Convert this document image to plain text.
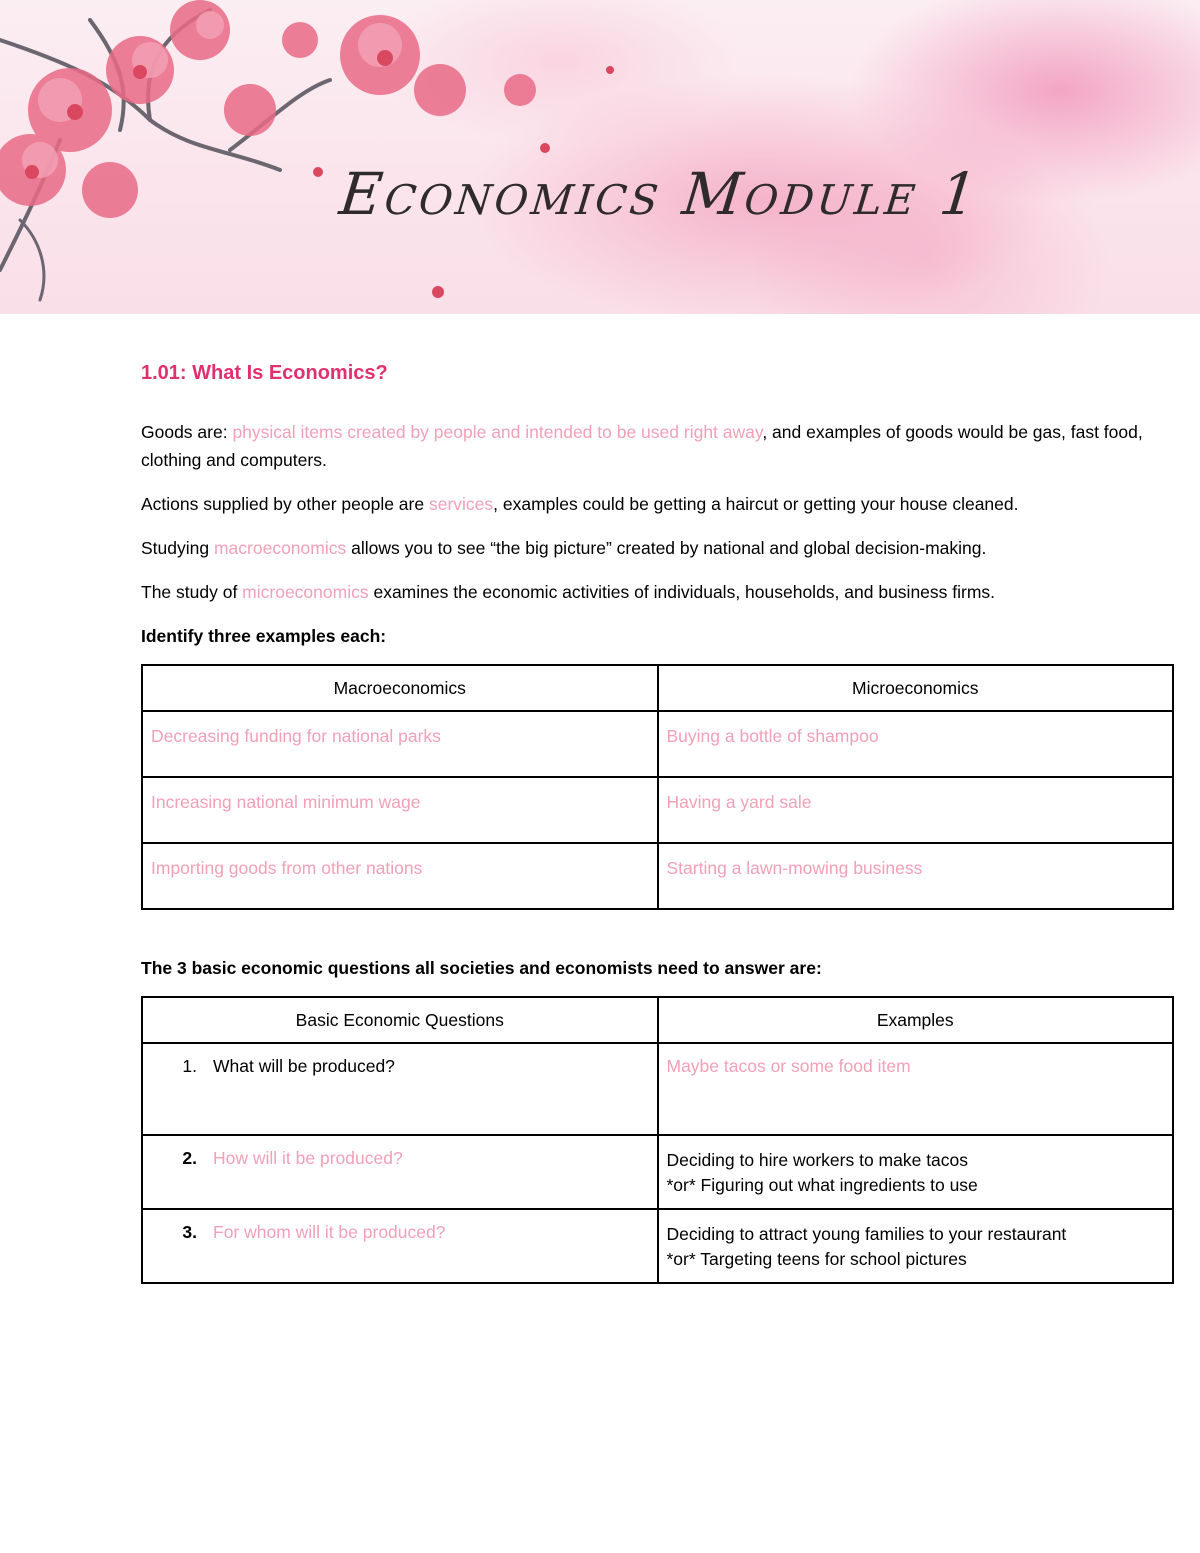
Economics Module 1
1.01: What Is Economics?

Goods are: physical items created by people and intended to be used right away, and examples of goods would be gas, fast food, clothing and computers.

Actions supplied by other people are services, examples could be getting a haircut or getting your house cleaned.

Studying macroeconomics allows you to see “the big picture” created by national and global decision-making.

The study of microeconomics examines the economic activities of individuals, households, and business firms.

Identify three examples each:

Macroeconomics	Microeconomics
Decreasing funding for national parks	Buying a bottle of shampoo
Increasing national minimum wage	Having a yard sale
Importing goods from other nations	Starting a lawn-mowing business

The 3 basic economic questions all societies and economists need to answer are:

Basic Economic Questions	Examples
1. What will be produced?	Maybe tacos or some food item

2. How will it be produced?	Deciding to hire workers to make tacos
*or* Figuring out what ingredients to use

3. For whom will it be produced?	Deciding to attract young families to your restaurant
*or* Targeting teens for school pictures
